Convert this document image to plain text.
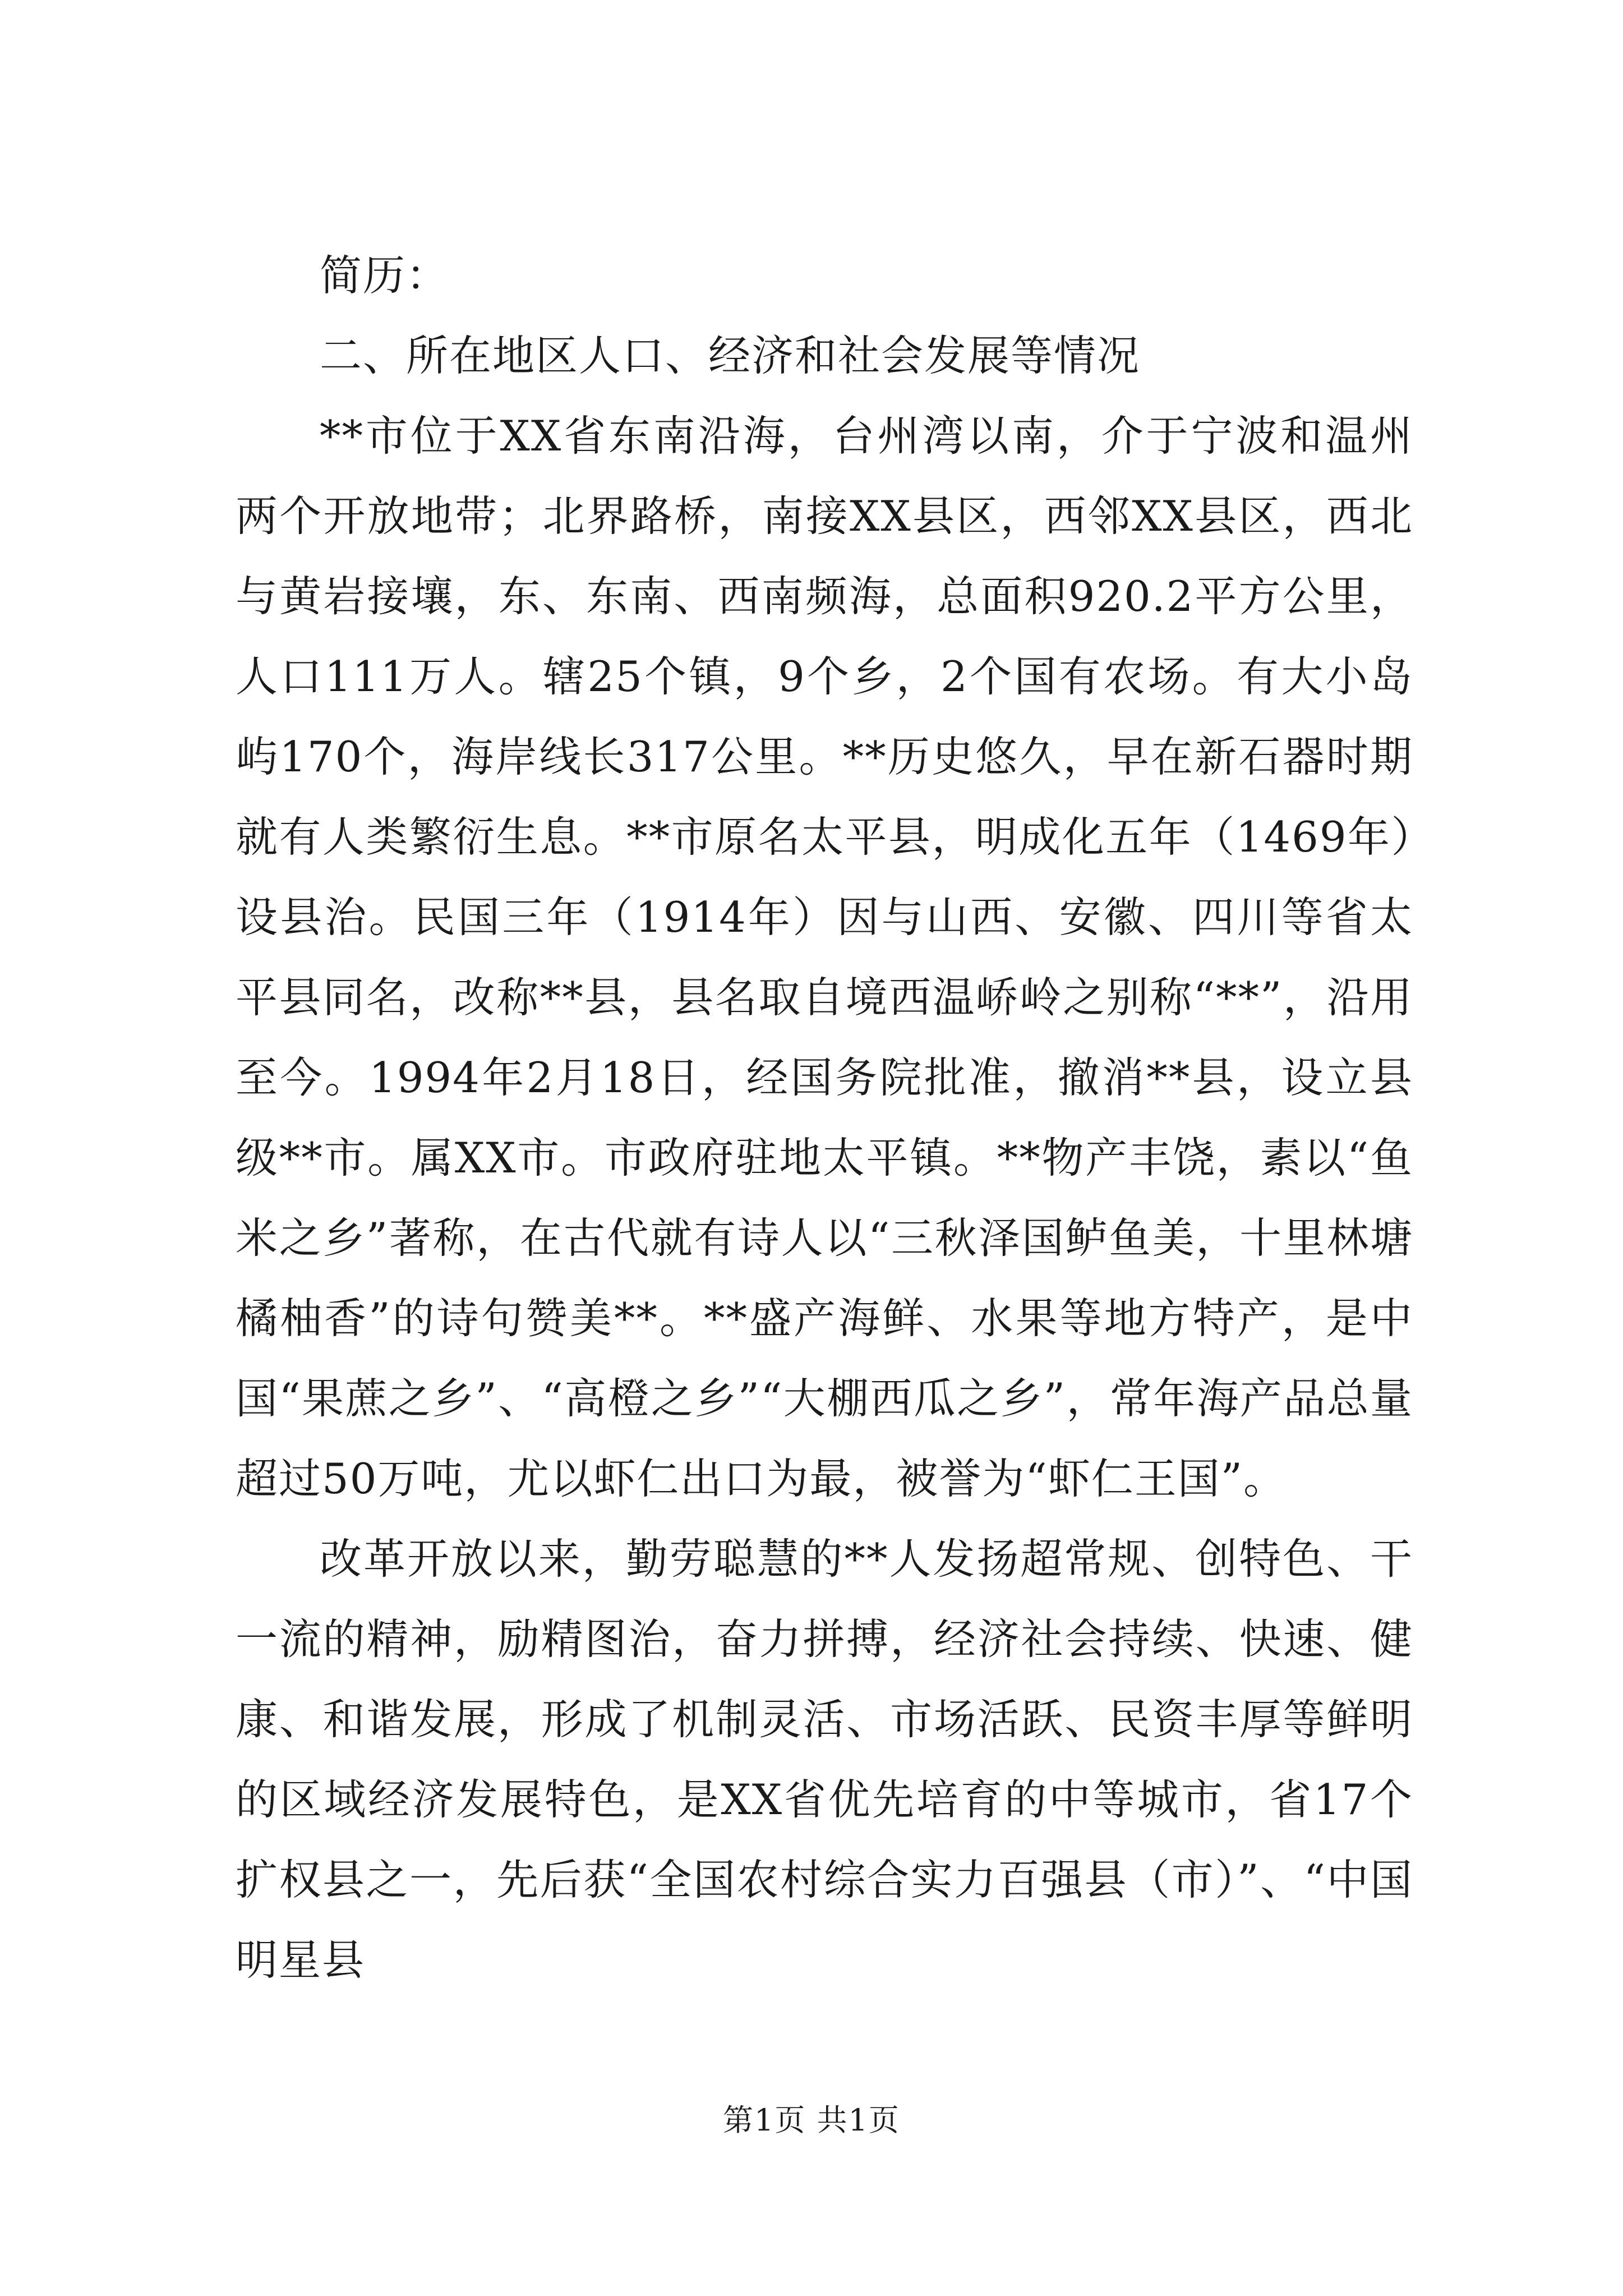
简历：

二、所在地区人口、经济和社会发展等情况

**市位于XX省东南沿海，台州湾以南，介于宁波和温州两个开放地带；北界路桥，南接XX县区，西邻XX县区，西北与黄岩接壤，东、东南、西南频海，总面积920.2平方公里，人口111万人。辖25个镇，9个乡，2个国有农场。有大小岛屿170个，海岸线长317公里。**历史悠久，早在新石器时期就有人类繁衍生息。**市原名太平县，明成化五年（1469年）设县治。民国三年（1914年）因与山西、安徽、四川等省太平县同名，改称**县，县名取自境西温峤岭之别称“**”，沿用至今。1994年2月18日，经国务院批准，撤消**县，设立县级**市。属XX市。市政府驻地太平镇。**物产丰饶，素以“鱼米之乡”著称，在古代就有诗人以“三秋泽国鲈鱼美，十里林塘橘柚香”的诗句赞美**。**盛产海鲜、水果等地方特产，是中国“果蔗之乡”、“高橙之乡”“大棚西瓜之乡”，常年海产品总量超过50万吨，尤以虾仁出口为最，被誉为“虾仁王国”。

改革开放以来，勤劳聪慧的**人发扬超常规、创特色、干一流的精神，励精图治，奋力拼搏，经济社会持续、快速、健康、和谐发展，形成了机制灵活、市场活跃、民资丰厚等鲜明的区域经济发展特色，是XX省优先培育的中等城市，省17个扩权县之一，先后获“全国农村综合实力百强县（市）”、“中国明星县

第1页 共1页
